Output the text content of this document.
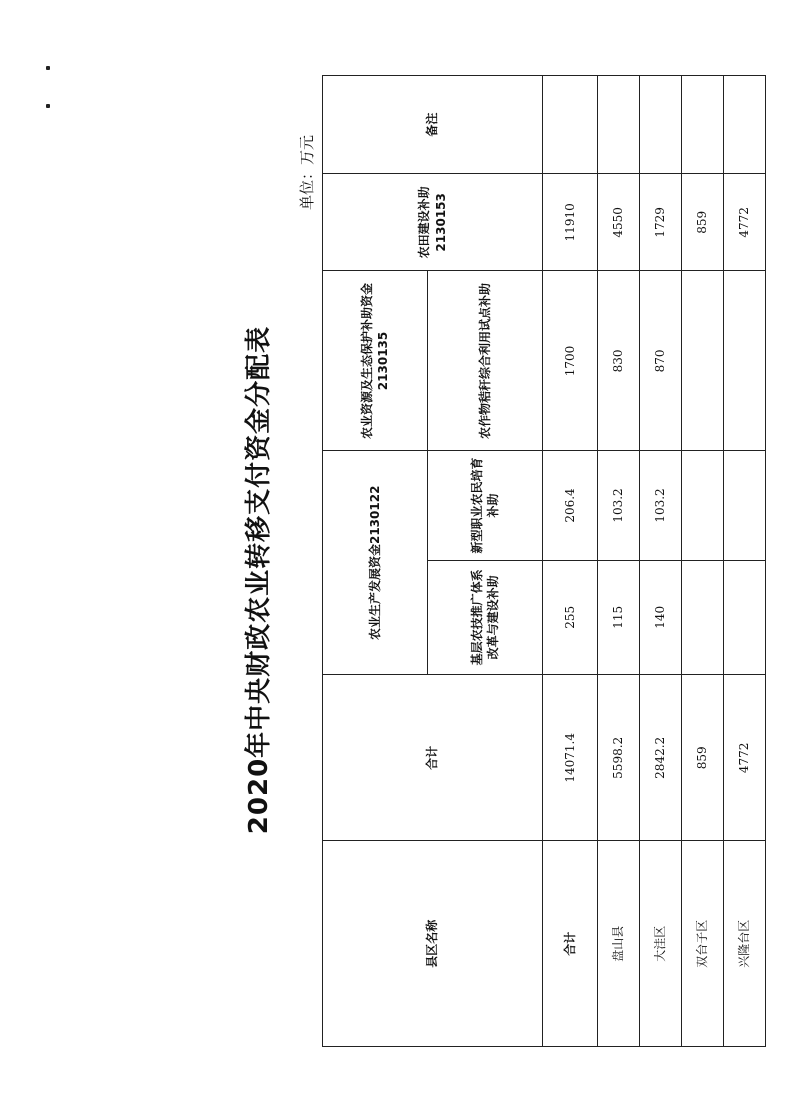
2020年中央财政农业转移支付资金分配表
单位：万元
县区名称	合计	农业生产发展资金2130122		农业资源及生态保护补助资金2130135	农田建设补助2130153	备注
		基层农技推广体系改革与建设补助	新型职业农民培育补助	农作物秸秆综合利用试点补助		
合计	14071.4	255	206.4	1700	11910	
盘山县	5598.2	115	103.2	830	4550	
大洼区	2842.2	140	103.2	870	1729	
双台子区	859				859	
兴隆台区	4772				4772	
